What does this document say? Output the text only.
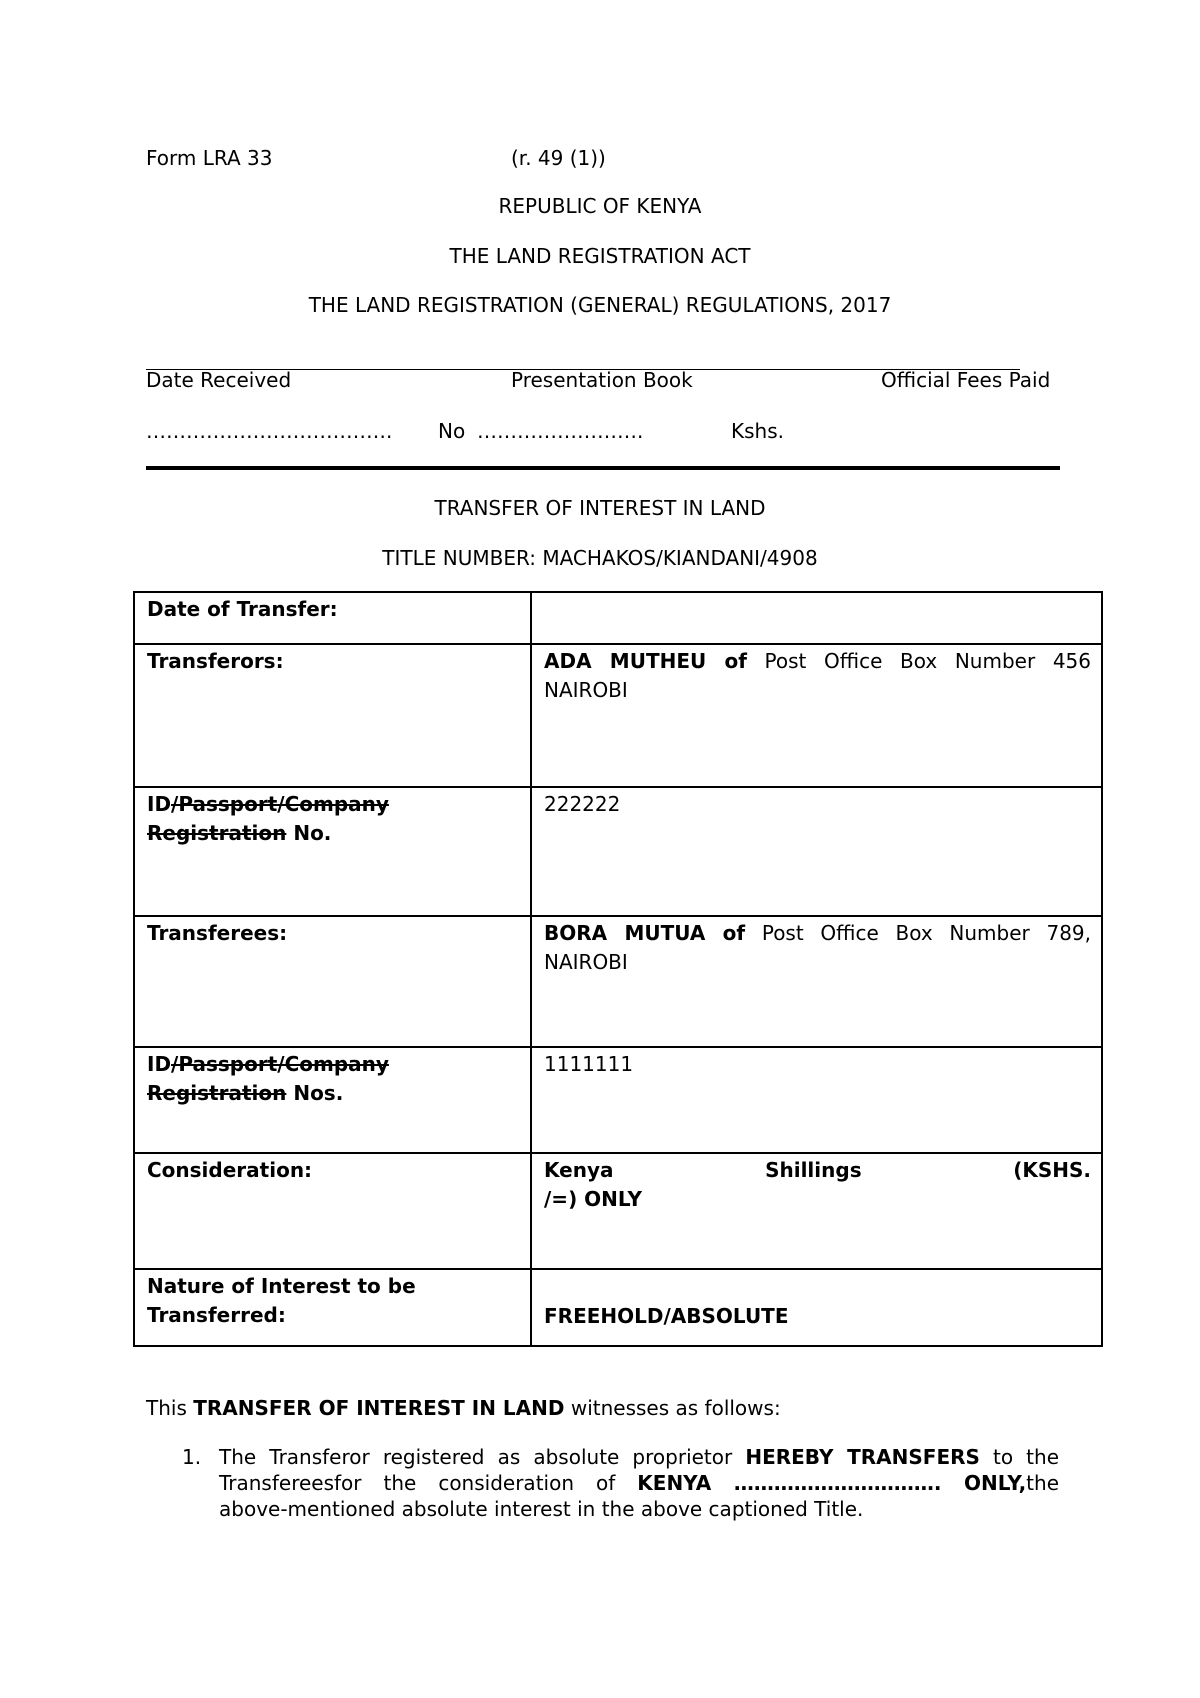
Form LRA 33	(r. 49 (1))
REPUBLIC OF KENYA
THE LAND REGISTRATION ACT
THE LAND REGISTRATION (GENERAL) REGULATIONS, 2017
Date Received	Presentation Book	Official Fees Paid
………………………………. No …………………….	Kshs.
TRANSFER OF INTEREST IN LAND
TITLE NUMBER: MACHAKOS/KIANDANI/4908
Date of Transfer:	
Transferors:	ADA MUTHEU of Post Office Box Number 456
NAIROBI
ID/Passport/Company
Registration No.	222222
Transferees:	BORA MUTUA of Post Office Box Number 789,
NAIROBI
ID/Passport/Company
Registration Nos.	1111111
Consideration:	Kenya Shillings (KSHS.
/=) ONLY
Nature of Interest to be
Transferred:	FREEHOLD/ABSOLUTE
This TRANSFER OF INTEREST IN LAND witnesses as follows:
1. The Transferor registered as absolute proprietor HEREBY TRANSFERS to the
Transfereesfor the consideration of KENYA …………………………. ONLY,the
above-mentioned absolute interest in the above captioned Title.
